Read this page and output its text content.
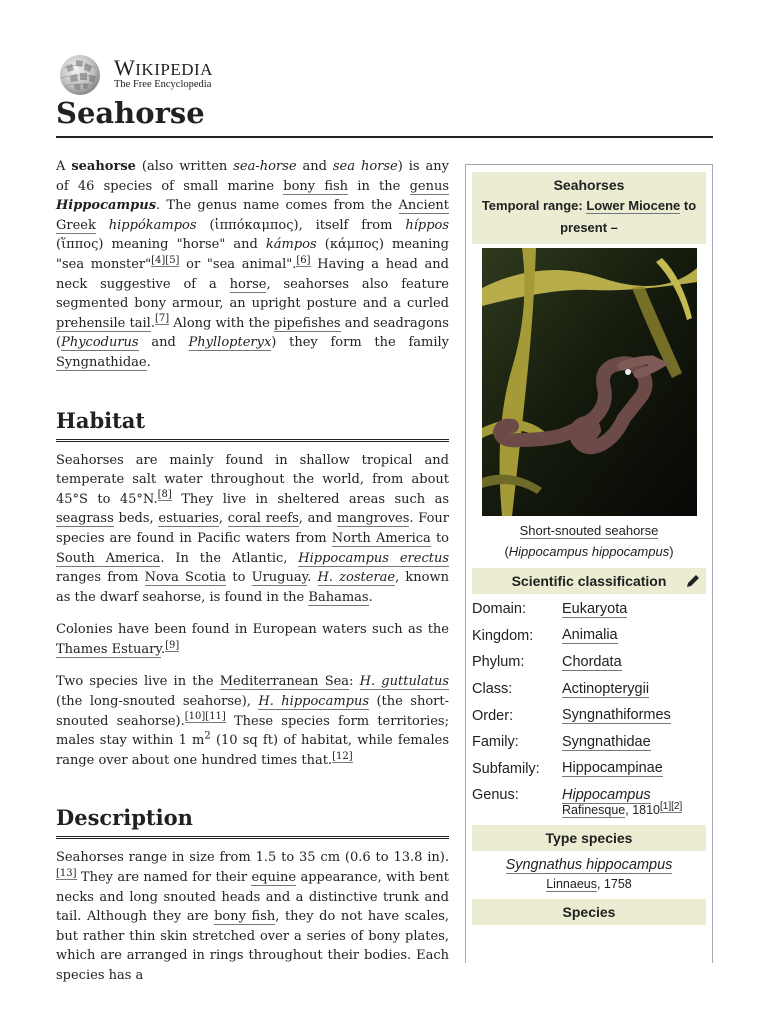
WIKIPEDIA
The Free Encyclopedia
Seahorse

A seahorse (also written sea-horse and sea horse) is any of 46 species of small marine bony fish in the genus Hippocampus. The genus name comes from the Ancient Greek hippókampos (ἱππόκαμπος), itself from híppos (ἵππος) meaning "horse" and kámpos (κάμπος) meaning "sea monster"[4][5] or "sea animal".[6] Having a head and neck suggestive of a horse, seahorses also feature segmented bony armour, an upright posture and a curled prehensile tail.[7] Along with the pipefishes and seadragons (Phycodurus and Phyllopteryx) they form the family Syngnathidae.

Habitat

Seahorses are mainly found in shallow tropical and temperate salt water throughout the world, from about 45°S to 45°N.[8] They live in sheltered areas such as seagrass beds, estuaries, coral reefs, and mangroves. Four species are found in Pacific waters from North America to South America. In the Atlantic, Hippocampus erectus ranges from Nova Scotia to Uruguay. H. zosterae, known as the dwarf seahorse, is found in the Bahamas.

Colonies have been found in European waters such as the Thames Estuary.[9]

Two species live in the Mediterranean Sea: H. guttulatus (the long-snouted seahorse), H. hippocampus (the short-snouted seahorse).[10][11] These species form territories; males stay within 1 $m^2$ (10 sq ft) of habitat, while females range over about one hundred times that.[12]

Description

Seahorses range in size from 1.5 to 35 cm (0.6 to 13.8 in).[13] They are named for their equine appearance, with bent necks and long snouted heads and a distinctive trunk and tail. Although they are bony fish, they do not have scales, but rather thin skin stretched over a series of bony plates, which are arranged in rings throughout their bodies. Each species has a

Seahorses
Temporal range: Lower Miocene to present –
Short-snouted seahorse
(Hippocampus hippocampus)
Scientific classification
Domain:	Eukaryota
Kingdom:	Animalia
Phylum:	Chordata
Class:	Actinopterygii
Order:	Syngnathiformes
Family:	Syngnathidae
Subfamily:	Hippocampinae
Genus:	Hippocampus
Rafinesque, 1810[1][2]
Type species
Syngnathus hippocampus
Linnaeus, 1758
Species
